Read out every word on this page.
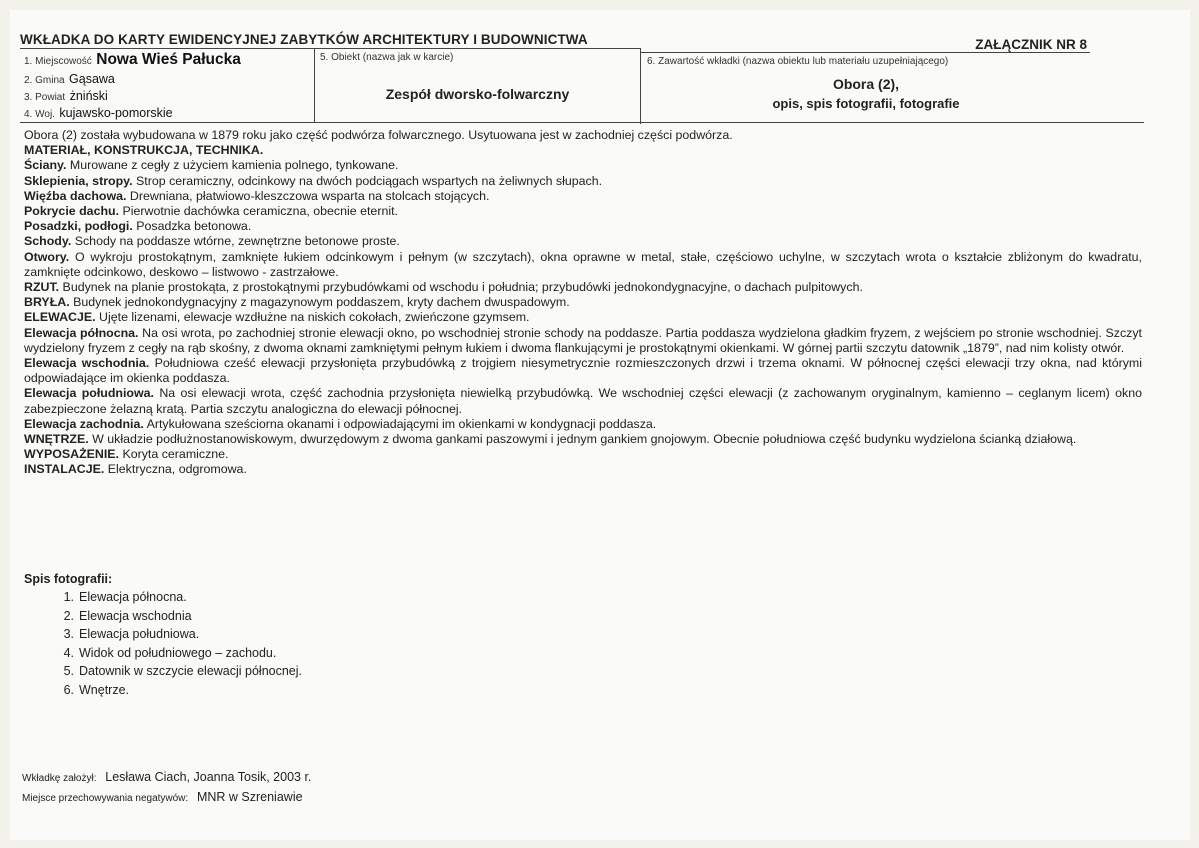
WKŁADKA DO KARTY EWIDENCYJNEJ ZABYTKÓW ARCHITEKTURY I BUDOWNICTWA	ZAŁĄCZNIK NR 8
1. Miejscowość Nowa Wieś Pałucka
2. Gmina Gąsawa
3. Powiat żniński
4. Woj. kujawsko-pomorskie
5. Obiekt (nazwa jak w karcie)
Zespół dworsko-folwarczny
6. Zawartość wkładki (nazwa obiektu lub materiału uzupełniającego)
Obora (2),
opis, spis fotografii, fotografie

Obora (2) została wybudowana w 1879 roku jako część podwórza folwarcznego. Usytuowana jest w zachodniej części podwórza.

MATERIAŁ, KONSTRUKCJA, TECHNIKA.

Ściany. Murowane z cegły z użyciem kamienia polnego, tynkowane.

Sklepienia, stropy. Strop ceramiczny, odcinkowy na dwóch podciągach wspartych na żeliwnych słupach.

Więźba dachowa. Drewniana, płatwiowo-kleszczowa wsparta na stolcach stojących.

Pokrycie dachu. Pierwotnie dachówka ceramiczna, obecnie eternit.

Posadzki, podłogi. Posadzka betonowa.

Schody. Schody na poddasze wtórne, zewnętrzne betonowe proste.

Otwory. O wykroju prostokątnym, zamknięte łukiem odcinkowym i pełnym (w szczytach), okna oprawne w metal, stałe, częściowo uchylne, w szczytach wrota o kształcie zbliżonym do kwadratu, zamknięte odcinkowo, deskowo – listwowo - zastrzałowe.

RZUT. Budynek na planie prostokąta, z prostokątnymi przybudówkami od wschodu i południa; przybudówki jednokondygnacyjne, o dachach pulpitowych.

BRYŁA. Budynek jednokondygnacyjny z magazynowym poddaszem, kryty dachem dwuspadowym.

ELEWACJE. Ujęte lizenami, elewacje wzdłużne na niskich cokołach, zwieńczone gzymsem.

Elewacja północna. Na osi wrota, po zachodniej stronie elewacji okno, po wschodniej stronie schody na poddasze. Partia poddasza wydzielona gładkim fryzem, z wejściem po stronie wschodniej. Szczyt wydzielony fryzem z cegły na rąb skośny, z dwoma oknami zamkniętymi pełnym łukiem i dwoma flankującymi je prostokątnymi okienkami. W górnej partii szczytu datownik „1879”, nad nim kolisty otwór.

Elewacja wschodnia. Południowa cześć elewacji przysłonięta przybudówką z trojgiem niesymetrycznie rozmieszczonych drzwi i trzema oknami. W północnej części elewacji trzy okna, nad którymi odpowiadające im okienka poddasza.

Elewacja południowa. Na osi elewacji wrota, część zachodnia przysłonięta niewielką przybudówką. We wschodniej części elewacji (z zachowanym oryginalnym, kamienno – ceglanym licem) okno zabezpieczone żelazną kratą. Partia szczytu analogiczna do elewacji północnej.

Elewacja zachodnia. Artykułowana sześciorna okanami i odpowiadającymi im okienkami w kondygnacji poddasza.

WNĘTRZE. W układzie podłużnostanowiskowym, dwurzędowym z dwoma gankami paszowymi i jednym gankiem gnojowym. Obecnie południowa część budynku wydzielona ścianką działową.

WYPOSAŻENIE. Koryta ceramiczne.

INSTALACJE. Elektryczna, odgromowa.

Spis fotografii:
1. Elewacja północna.
2. Elewacja wschodnia
3. Elewacja południowa.
4. Widok od południowego – zachodu.
5. Datownik w szczycie elewacji północnej.
6. Wnętrze.
Wkładkę założył: Lesława Ciach, Joanna Tosik, 2003 r.
Miejsce przechowywania negatywów: MNR w Szreniawie
